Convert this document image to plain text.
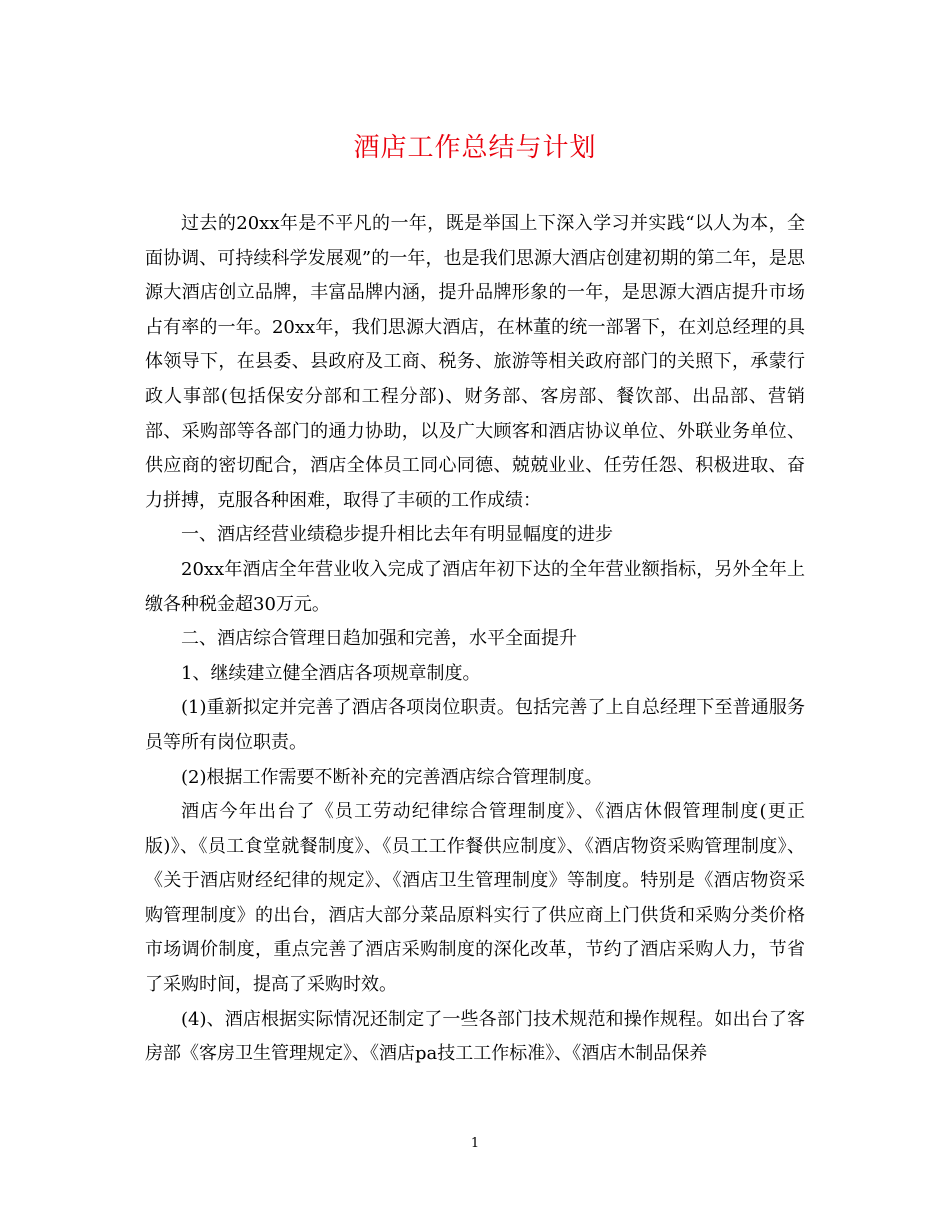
酒店工作总结与计划

过去的20xx年是不平凡的一年，既是举国上下深入学习并实践“以人为本，全面协调、可持续科学发展观”的一年，也是我们思源大酒店创建初期的第二年，是思源大酒店创立品牌，丰富品牌内涵，提升品牌形象的一年，是思源大酒店提升市场占有率的一年。20xx年，我们思源大酒店，在林董的统一部署下，在刘总经理的具体领导下，在县委、县政府及工商、税务、旅游等相关政府部门的关照下，承蒙行政人事部(包括保安分部和工程分部)、财务部、客房部、餐饮部、出品部、营销部、采购部等各部门的通力协助，以及广大顾客和酒店协议单位、外联业务单位、供应商的密切配合，酒店全体员工同心同德、兢兢业业、任劳任怨、积极进取、奋力拼搏，克服各种困难，取得了丰硕的工作成绩：

一、酒店经营业绩稳步提升相比去年有明显幅度的进步

20xx年酒店全年营业收入完成了酒店年初下达的全年营业额指标，另外全年上缴各种税金超30万元。

二、酒店综合管理日趋加强和完善，水平全面提升

1、继续建立健全酒店各项规章制度。

(1)重新拟定并完善了酒店各项岗位职责。包括完善了上自总经理下至普通服务员等所有岗位职责。

(2)根据工作需要不断补充的完善酒店综合管理制度。

酒店今年出台了《员工劳动纪律综合管理制度》、《酒店休假管理制度(更正版)》、《员工食堂就餐制度》、《员工工作餐供应制度》、《酒店物资采购管理制度》、《关于酒店财经纪律的规定》、《酒店卫生管理制度》等制度。特别是《酒店物资采购管理制度》的出台，酒店大部分菜品原料实行了供应商上门供货和采购分类价格市场调价制度，重点完善了酒店采购制度的深化改革，节约了酒店采购人力，节省了采购时间，提高了采购时效。

(4)、酒店根据实际情况还制定了一些各部门技术规范和操作规程。如出台了客房部《客房卫生管理规定》、《酒店pa技工工作标准》、《酒店木制品保养

1
